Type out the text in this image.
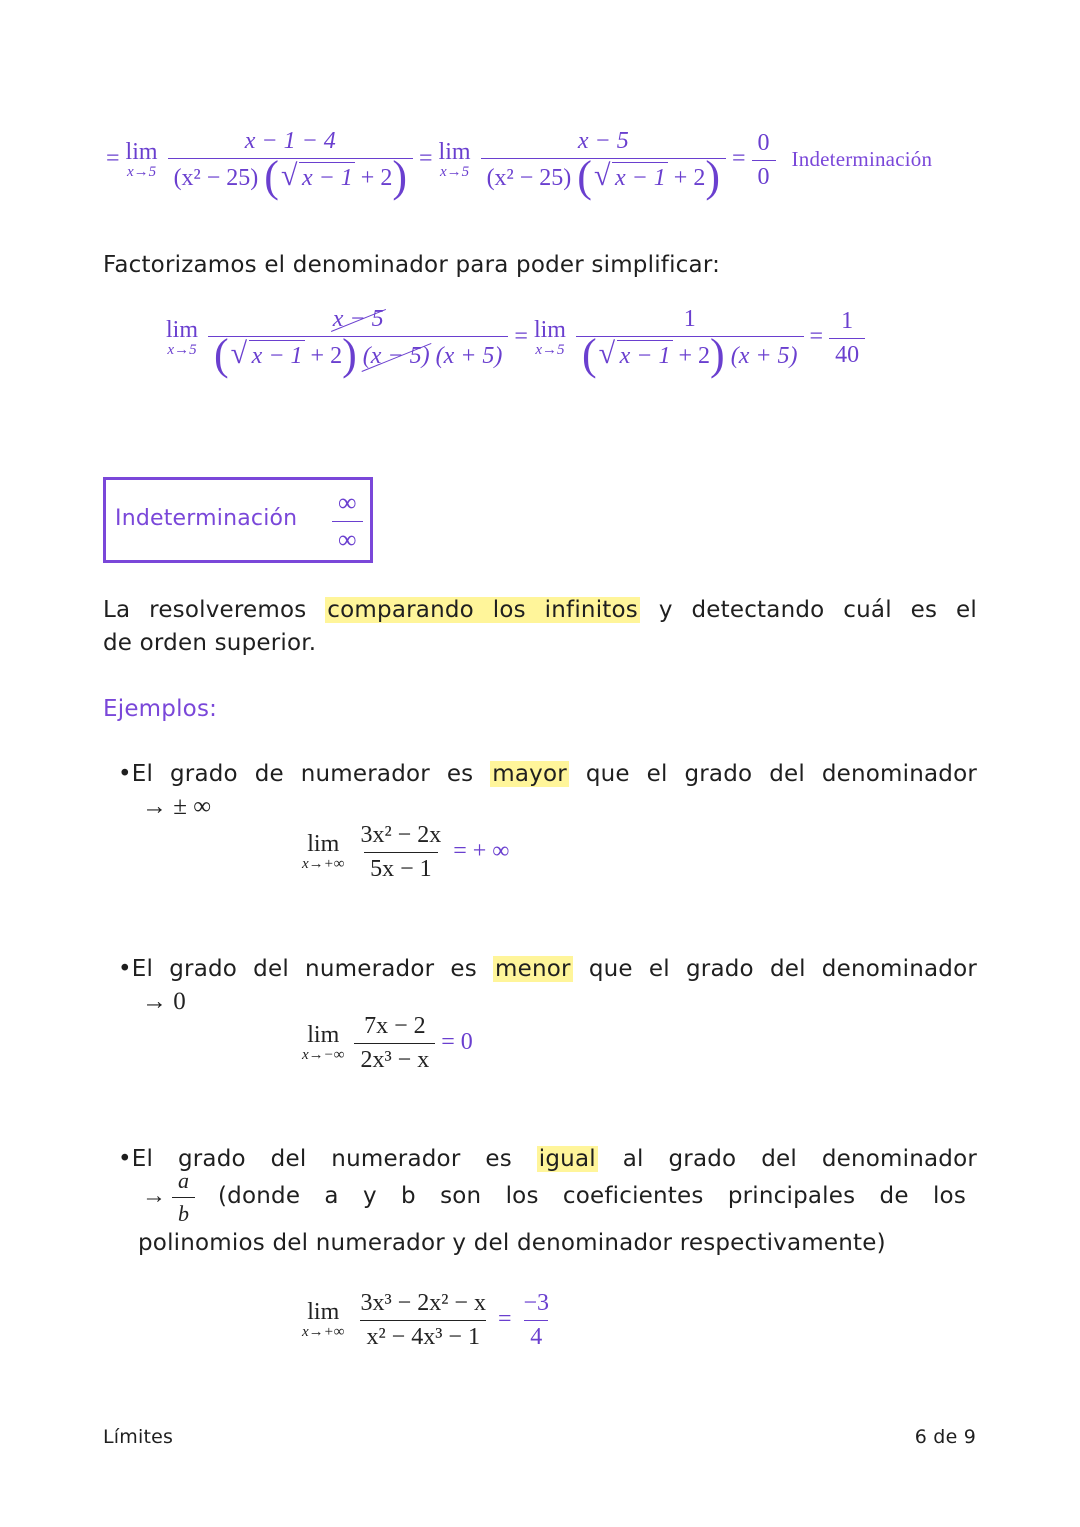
= lim
x→5
$\frac{x - 1 - 4}{\text{(x² − 25) ( √ x − 1 + 2)}} = \lim$
x→5
$\frac{x - 5}{\text{(x² − 25) ( √ x − 1 + 2)}} = \frac{0}{0}$ Indeterminación
Factorizamos el denominador para poder simplificar:
lim
x→5
$\frac{x - 5}{( √ x - 1 + 2) (x - 5) (x + 5)} = \lim$
x→5
$\frac{1}{( √ x - 1 + 2) (x + 5)} = \frac{1}{40}$
Indeterminación $\frac{\infty}{\infty}$
La resolveremos comparando los infinitos y detectando cuál es el
de orden superior.
Ejemplos:
•El grado de numerador es mayor que el grado del denominador
→ ± ∞
lim
x→+∞
$\frac{\text{3x² − 2x}}{5x - 1}$ = + ∞
•El grado del numerador es menor que el grado del denominador
→ 0
lim
x→−∞
$\frac{7x - 2}{\text{2x³ − x}} = 0$
•El grado del numerador es igual al grado del denominador
→ $\frac{a}{b}$ (donde a y b son los coeficientes principales de los
polinomios del numerador y del denominador respectivamente)
lim
x→+∞
$\frac{\text{3x³ − 2x² − x}}{\text{x² − 4x³ − 1}} = \frac{-3}{4}$
Límites	6 de 9
